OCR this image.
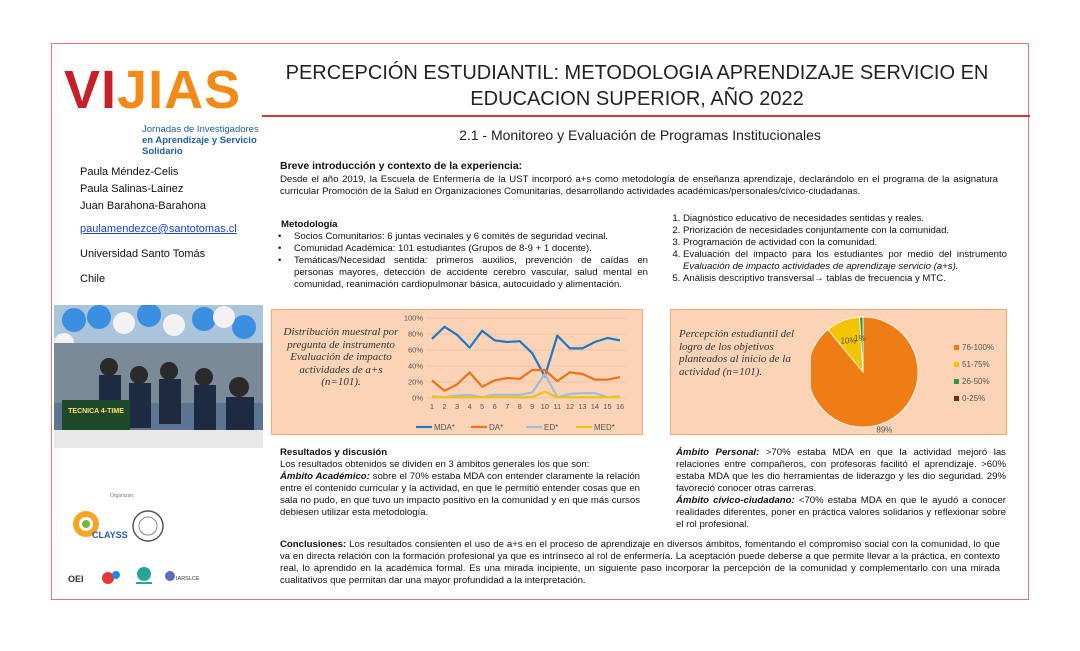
VIJIAS
Jornadas de Investigadores
en Aprendizaje y Servicio Solidario
PERCEPCIÓN ESTUDIANTIL: METODOLOGIA APRENDIZAJE SERVICIO EN EDUCACION SUPERIOR, AÑO 2022
2.1 - Monitoreo y Evaluación de Programas Institucionales
Paula Méndez-Celis
Paula Salinas-Lainez
Juan Barahona-Barahona
paulamendezce@santotomas.cl
Universidad Santo Tomás
Chile
TECNICA 4-TIME
Breve introducción y contexto de la experiencia:
Desde el año 2019, la Escuela de Enfermería de la UST incorporó a+s como metodología de enseñanza aprendizaje, declarándolo en el programa de la asignatura curricular Promoción de la Salud en Organizaciones Comunitarias, desarrollando actividades académicas/personales/cívico-ciudadanas.
Metodología
• Socios Comunitarios: 6 juntas vecinales y 6 comités de seguridad vecinal.
• Comunidad Académica: 101 estudiantes (Grupos de 8-9 + 1 docente).
• Temáticas/Necesidad sentida: primeros auxilios, prevención de caídas en personas mayores, detección de accidente cerebro vascular, salud mental en comunidad, reanimación cardiopulmonar básica, autocuidado y alimentación.
1. Diagnóstico educativo de necesidades sentidas y reales.
2. Priorización de necesidades conjuntamente con la comunidad.
3. Programación de actividad con la comunidad.
4. Evaluación del impacto para los estudiantes por medio del instrumento Evaluación de impacto actividades de aprendizaje servicio (a+s).
5. Análisis descriptivo transversal→ tablas de frecuencia y MTC.
Distribución muestral por pregunta de instrumento Evaluación de impacto actividades de a+s (n=101).
0%
20%
40%
60%
80%
100%
1 2 3 4 5 6 7 8 9 10 11 12 13 14 15 16
MDA*	DA*	ED*	MED*
Percepción estudiantil del logro de los objetivos planteados al inicio de la actividad (n=101).
89%
10%
1%
76-100%
51-75%
26-50%
0-25%
Resultados y discusión
Los resultados obtenidos se dividen en 3 ámbitos generales los que son:
Ámbito Académico: sobre el 70% estaba MDA con entender claramente la relación entre el contenido curricular y la actividad, en que le permitió entender cosas que en sala no pudo, en que tuvo un impacto positivo en la comunidad y en que más cursos debiesen utilizar esta metodología.
Ámbito Personal: >70% estaba MDA en que la actividad mejoró las relaciones entre compañeros, con profesoras facilitó el aprendizaje. >60% estaba MDA que les dio herramientas de liderazgo y les dio seguridad. 29% favoreció conocer otras carreras.
Ámbito cívico-ciudadano: <70% estaba MDA en que le ayudó a conocer realidades diferentes, poner en práctica valores solidarios y reflexionar sobre el rol profesional.
Conclusiones: Los resultados consienten el uso de a+s en el proceso de aprendizaje en diversos ámbitos, fomentando el compromiso social con la comunidad, lo que va en directa relación con la formación profesional ya que es intrínseco al rol de enfermería. La aceptación puede deberse a que permite llevar a la práctica, en contexto real, lo aprendido en la académica formal. Es una mirada incipiente, un siguiente paso incorporar la percepción de la comunidad y complementarlo con una mirada cualitativos que permitan dar una mayor profundidad a la interpretación.
Organizan:
CLAYSS
OEI	IARSLCE
